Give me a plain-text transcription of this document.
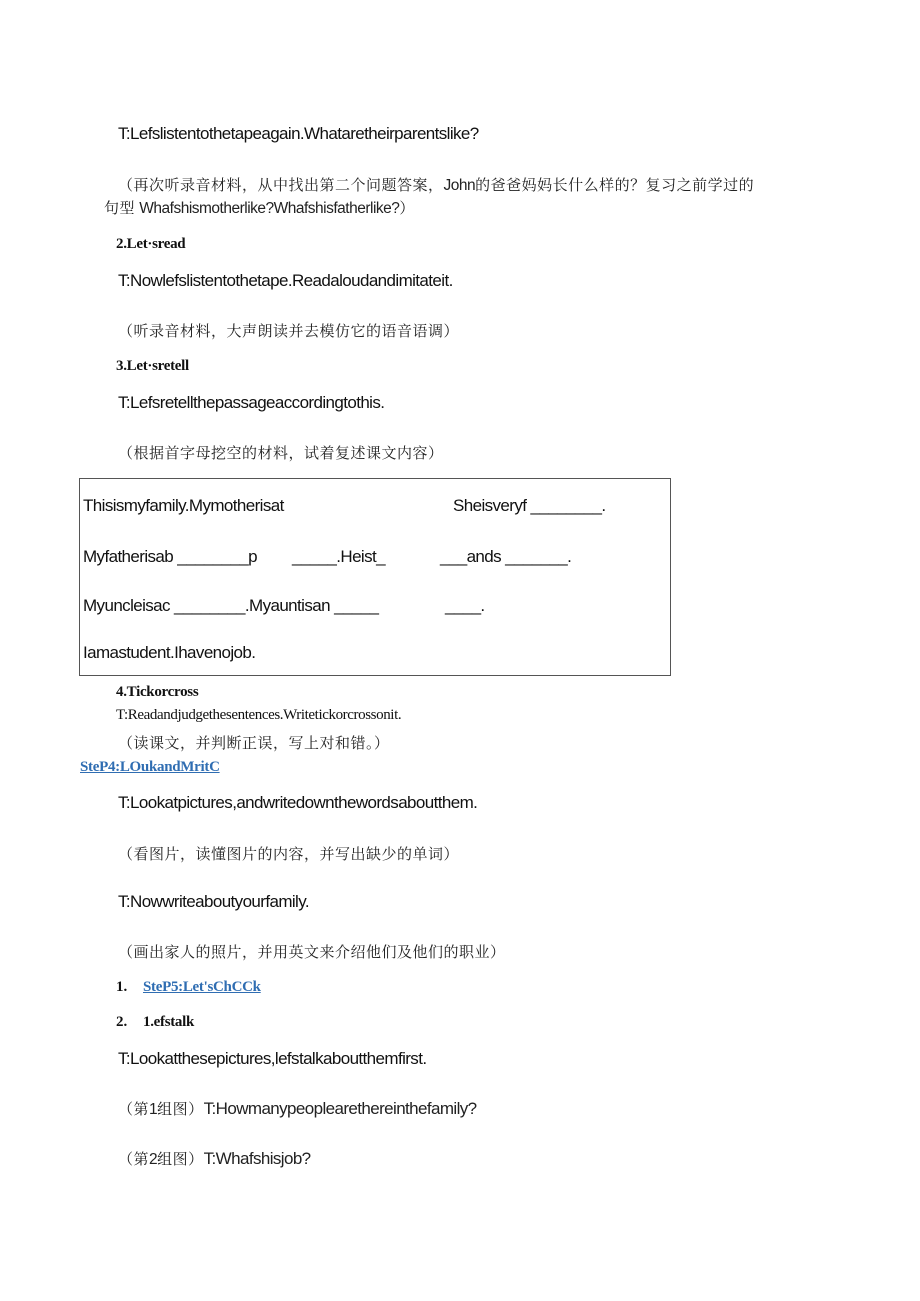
T:Lefslistentothetapeagain.Whataretheirparentslike?
（再次听录音材料，从中找出第二个问题答案，John的爸爸妈妈长什么样的？复习之前学过的
句型 Whafshismotherlike?Whafshisfatherlike?）
2.Let·sread
T:Nowlefslistentothetape.Readaloudandimitateit.
（听录音材料，大声朗读并去模仿它的语音语调）
3.Let·sretell
T:Lefsretellthepassageaccordingtothis.
（根据首字母挖空的材料，试着复述课文内容）
Thisismyfamily.Mymotherisat	Sheisveryf ________.
Myfatherisab ________p _____.Heist_	___ands _______.
Myuncleisac ________.Myauntisan _____	____.
Iamastudent.Ihavenojob.
4.Tickorcross
T:Readandjudgethesentences.Writetickorcrossonit.
（读课文，并判断正误，写上对和错。）
SteP4:LOukandMritC
T:Lookatpictures,andwritedownthewordsaboutthem.
（看图片，读懂图片的内容，并写出缺少的单词）
T:Nowwriteaboutyourfamily.
（画出家人的照片，并用英文来介绍他们及他们的职业）
1. SteP5:Let'sChCCk
2. 1.efstalk
T:Lookatthesepictures,lefstalkaboutthemfirst.
（第1组图）T:Howmanypeoplearethereinthefamily?
（第2组图）T:Whafshisjob?
